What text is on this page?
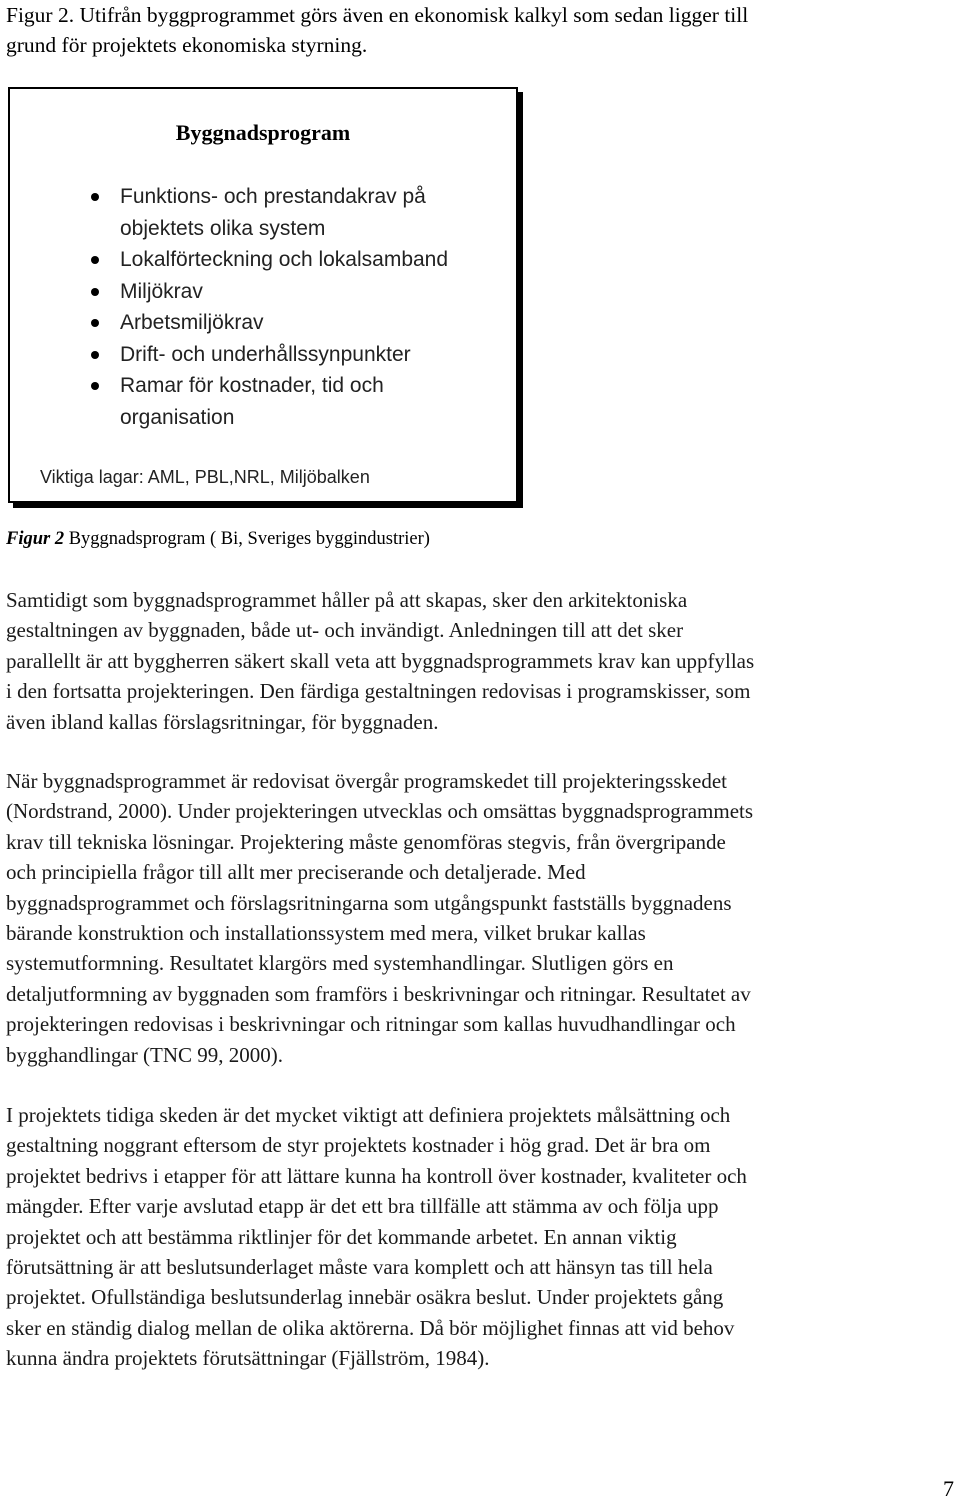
Figur 2. Utifrån byggprogrammet görs även en ekonomisk kalkyl som sedan ligger till
grund för projektets ekonomiska styrning.

Byggnadsprogram
Funktions- och prestandakrav på
objektets olika system
Lokalförteckning och lokalsamband
Miljökrav
Arbetsmiljökrav
Drift- och underhållssynpunkter
Ramar för kostnader, tid och
organisation

Viktiga lagar: AML, PBL,NRL, Miljöbalken

Figur 2 Byggnadsprogram ( Bi, Sveriges byggindustrier)

Samtidigt som byggnadsprogrammet håller på att skapas, sker den arkitektoniska
gestaltningen av byggnaden, både ut- och invändigt. Anledningen till att det sker
parallellt är att byggherren säkert skall veta att byggnadsprogrammets krav kan uppfyllas
i den fortsatta projekteringen. Den färdiga gestaltningen redovisas i programskisser, som
även ibland kallas förslagsritningar, för byggnaden.

När byggnadsprogrammet är redovisat övergår programskedet till projekteringsskedet
(Nordstrand, 2000). Under projekteringen utvecklas och omsättas byggnadsprogrammets
krav till tekniska lösningar. Projektering måste genomföras stegvis, från övergripande
och principiella frågor till allt mer preciserande och detaljerade. Med
byggnadsprogrammet och förslagsritningarna som utgångspunkt fastställs byggnadens
bärande konstruktion och installationssystem med mera, vilket brukar kallas
systemutformning. Resultatet klargörs med systemhandlingar. Slutligen görs en
detaljutformning av byggnaden som framförs i beskrivningar och ritningar. Resultatet av
projekteringen redovisas i beskrivningar och ritningar som kallas huvudhandlingar och
bygghandlingar (TNC 99, 2000).

I projektets tidiga skeden är det mycket viktigt att definiera projektets målsättning och
gestaltning noggrant eftersom de styr projektets kostnader i hög grad. Det är bra om
projektet bedrivs i etapper för att lättare kunna ha kontroll över kostnader, kvaliteter och
mängder. Efter varje avslutad etapp är det ett bra tillfälle att stämma av och följa upp
projektet och att bestämma riktlinjer för det kommande arbetet. En annan viktig
förutsättning är att beslutsunderlaget måste vara komplett och att hänsyn tas till hela
projektet. Ofullständiga beslutsunderlag innebär osäkra beslut. Under projektets gång
sker en ständig dialog mellan de olika aktörerna. Då bör möjlighet finnas att vid behov
kunna ändra projektets förutsättningar (Fjällström, 1984).

7
